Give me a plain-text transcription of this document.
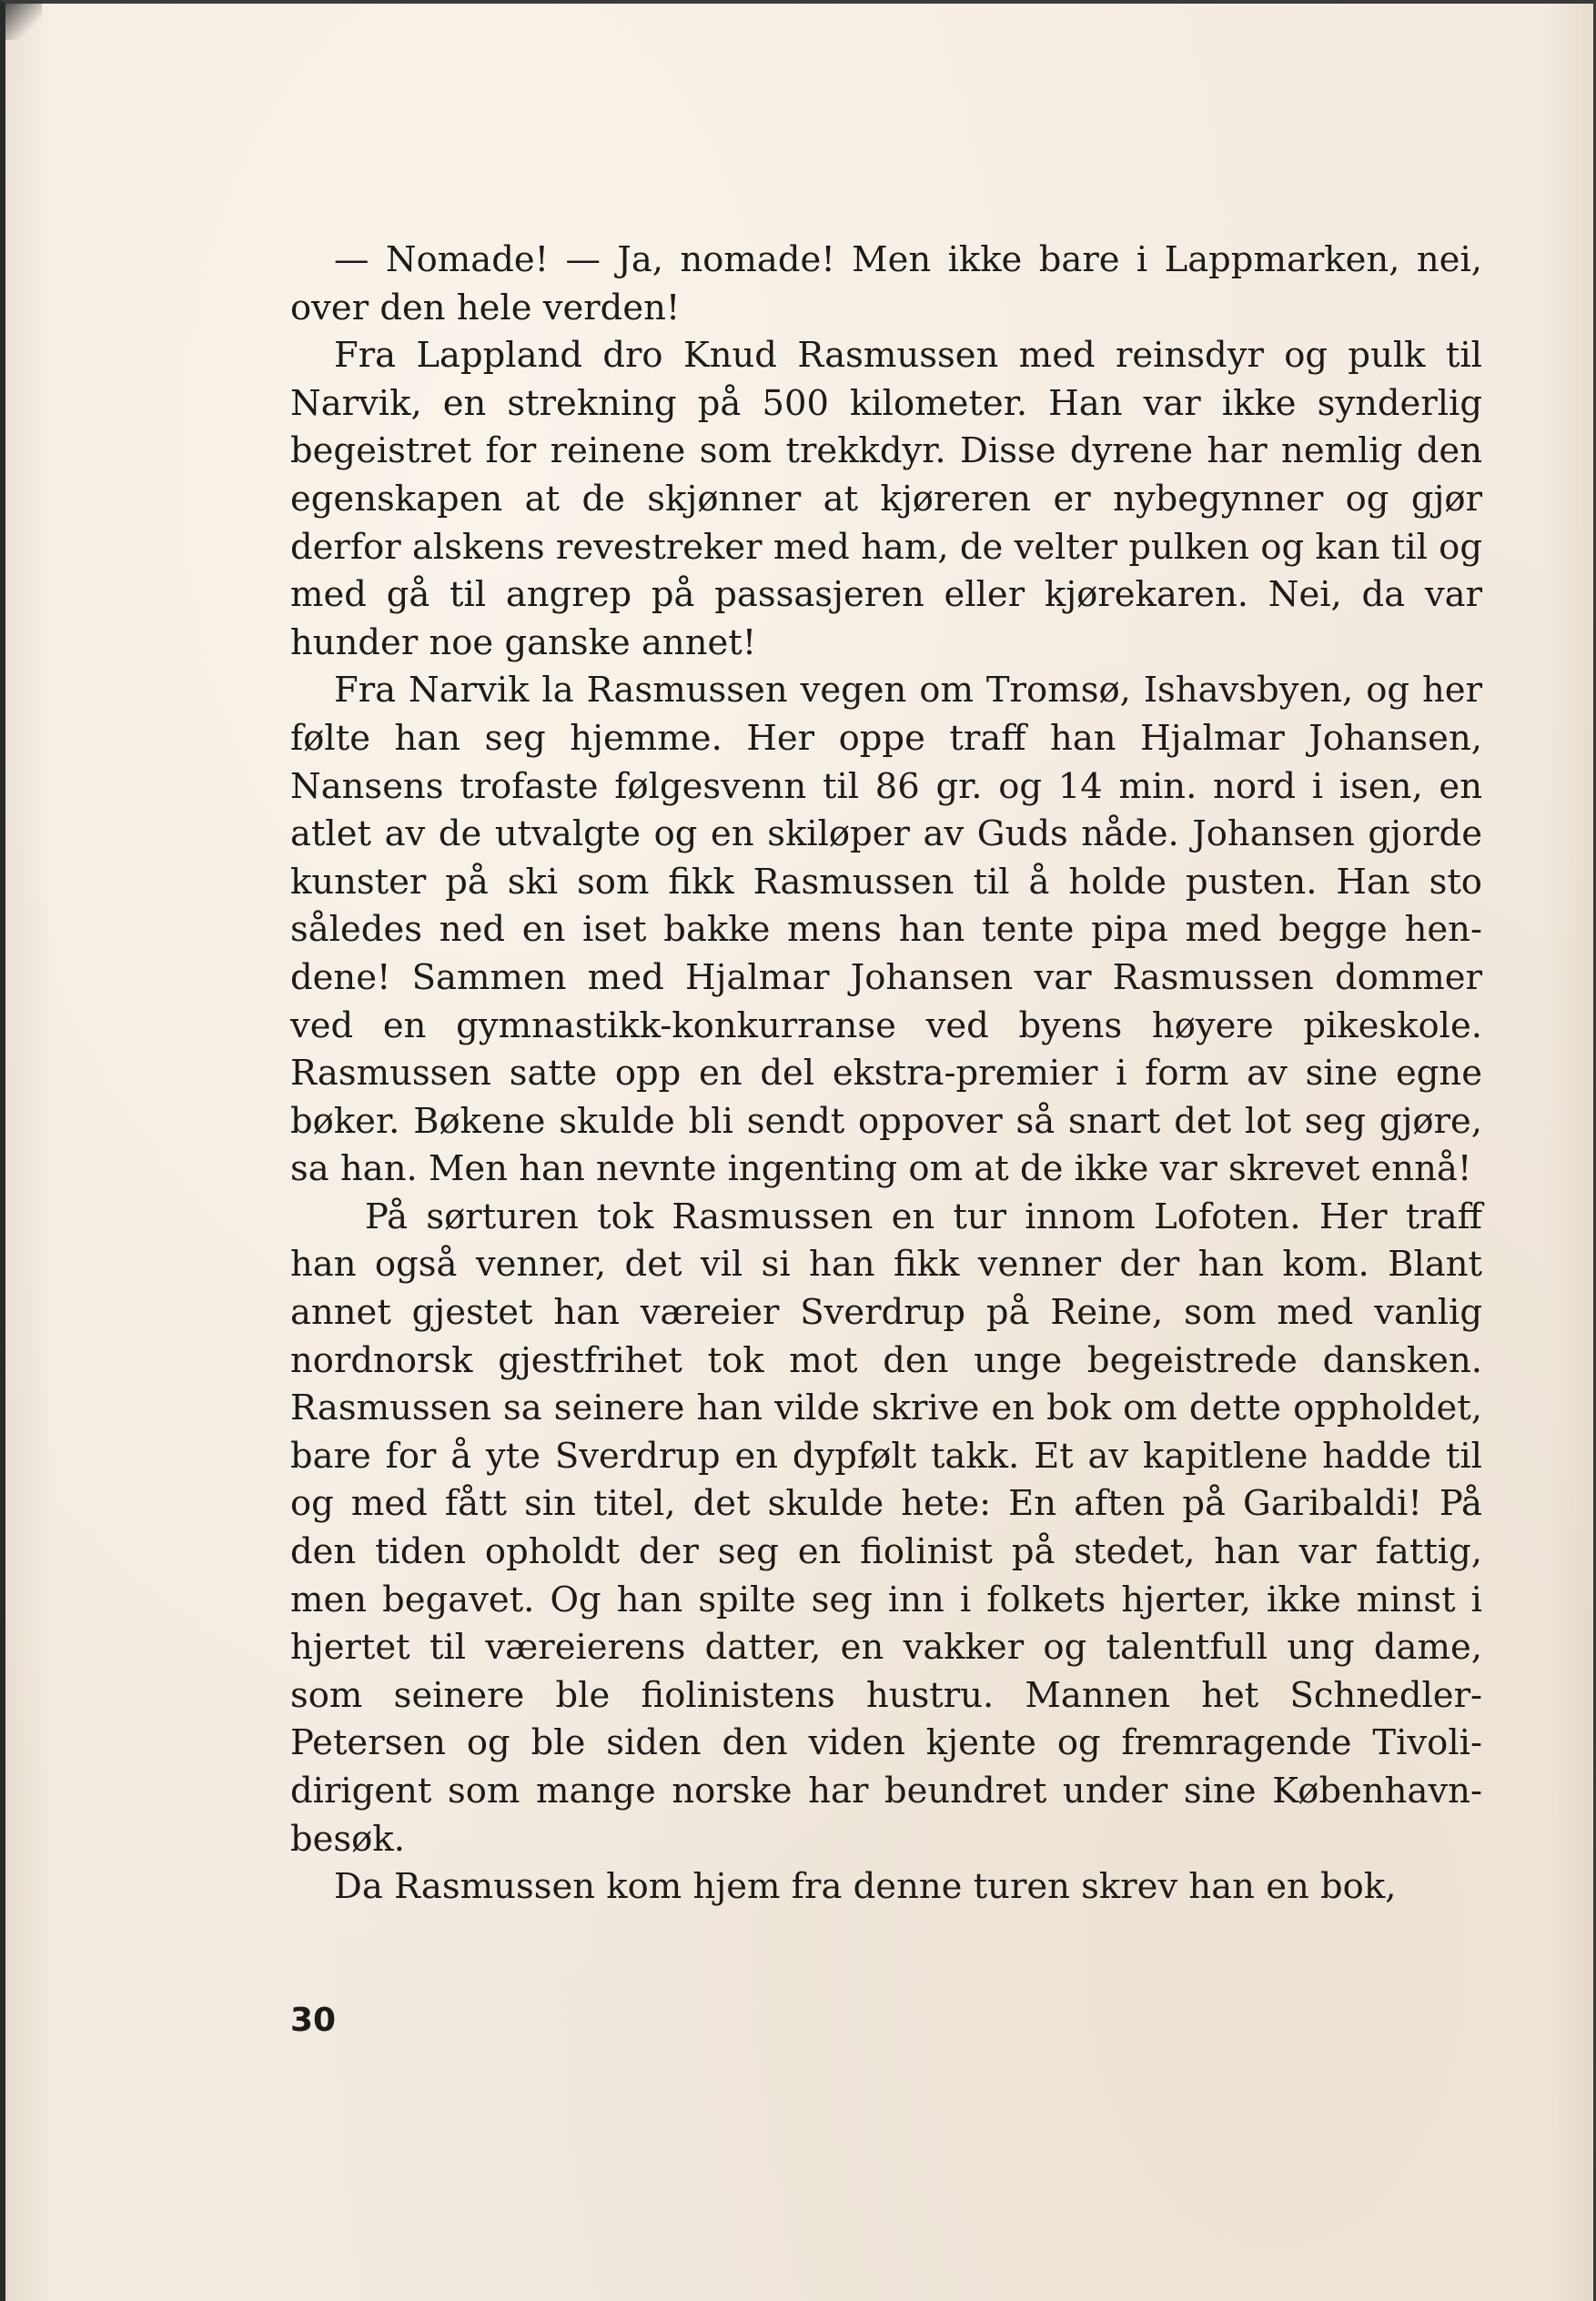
— Nomade! — Ja, nomade! Men ikke bare i Lappmarken, nei, over den hele verden!

Fra Lappland dro Knud Rasmussen med reinsdyr og pulk til Narvik, en strekning på 500 kilometer. Han var ikke synderlig begeistret for reinene som trekkdyr. Disse dyrene har nemlig den egenskapen at de skjønner at kjøreren er nybegynner og gjør derfor alskens revestreker med ham, de velter pulken og kan til og med gå til angrep på passasjeren eller kjørekaren. Nei, da var hunder noe ganske annet!

Fra Narvik la Rasmussen vegen om Tromsø, Ishavsbyen, og her følte han seg hjemme. Her oppe traff han Hjalmar Johansen, Nansens trofaste følgesvenn til 86 gr. og 14 min. nord i isen, en atlet av de utvalgte og en skiløper av Guds nåde. Johansen gjorde kunster på ski som fikk Rasmussen til å holde pusten. Han sto således ned en iset bakke mens han tente pipa med begge hendene! Sammen med Hjalmar Johansen var Rasmussen dommer ved en gymnastikk-konkurranse ved byens høyere pikeskole. Rasmussen satte opp en del ekstra-premier i form av sine egne bøker. Bøkene skulde bli sendt oppover så snart det lot seg gjøre, sa han. Men han nevnte ingenting om at de ikke var skrevet ennå!

På sørturen tok Rasmussen en tur innom Lofoten. Her traff han også venner, det vil si han fikk venner der han kom. Blant annet gjestet han væreier Sverdrup på Reine, som med vanlig nordnorsk gjestfrihet tok mot den unge begeistrede dansken. Rasmussen sa seinere han vilde skrive en bok om dette oppholdet, bare for å yte Sverdrup en dypfølt takk. Et av kapitlene hadde til og med fått sin titel, det skulde hete: En aften på Garibaldi! På den tiden opholdt der seg en fiolinist på stedet, han var fattig, men begavet. Og han spilte seg inn i folkets hjerter, ikke minst i hjertet til væreierens datter, en vakker og talentfull ung dame, som seinere ble fiolinistens hustru. Mannen het Schnedler-Petersen og ble siden den viden kjente og fremragende Tivolidirigent som mange norske har beundret under sine Københavnbesøk.

Da Rasmussen kom hjem fra denne turen skrev han en bok,

30
